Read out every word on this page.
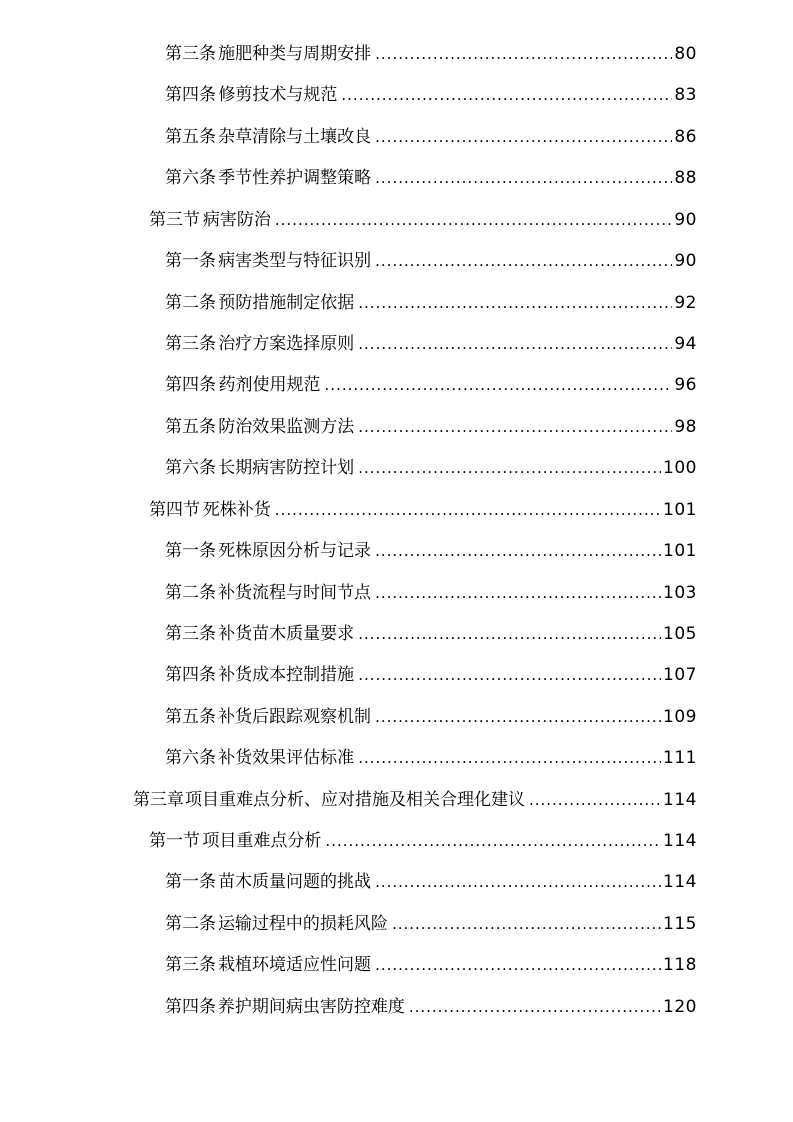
第三条 施肥种类与周期安排 .....	80
第四条 修剪技术与规范 .....	83
第五条 杂草清除与土壤改良 .....	86
第六条 季节性养护调整策略 .....	88
第三节 病害防治 .....	90
第一条 病害类型与特征识别 .....	90
第二条 预防措施制定依据 .....	92
第三条 治疗方案选择原则 .....	94
第四条 药剂使用规范 .....	96
第五条 防治效果监测方法 .....	98
第六条 长期病害防控计划 .....	100
第四节 死株补货 .....	101
第一条 死株原因分析与记录 .....	101
第二条 补货流程与时间节点 .....	103
第三条 补货苗木质量要求 .....	105
第四条 补货成本控制措施 .....	107
第五条 补货后跟踪观察机制 .....	109
第六条 补货效果评估标准 .....	111
第三章 项目重难点分析、应对措施及相关合理化建议 .....	114
第一节 项目重难点分析 .....	114
第一条 苗木质量问题的挑战 .....	114
第二条 运输过程中的损耗风险 .....	115
第三条 栽植环境适应性问题 .....	118
第四条 养护期间病虫害防控难度 .....	120
